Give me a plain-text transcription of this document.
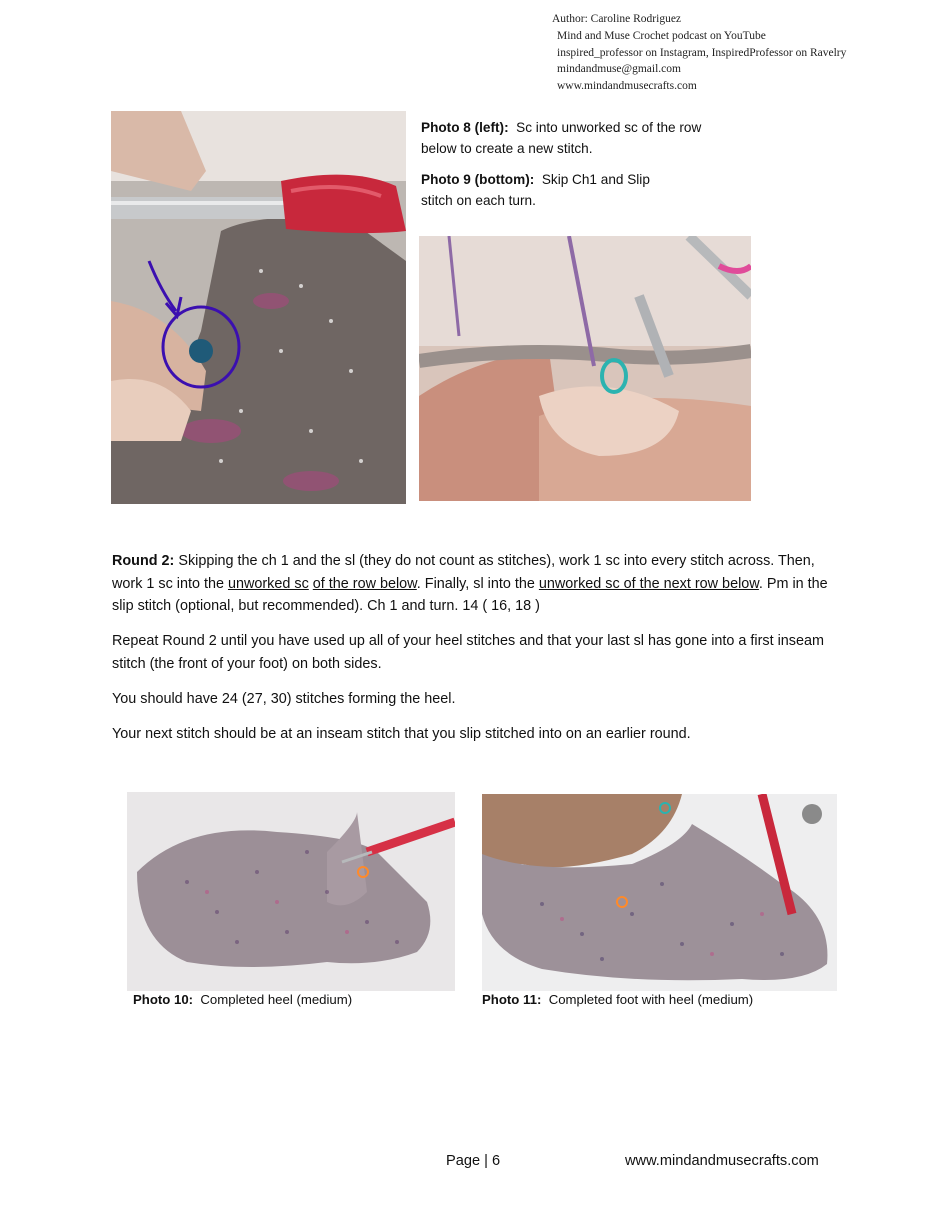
Author: Caroline Rodriguez
Mind and Muse Crochet podcast on YouTube
inspired_professor on Instagram, InspiredProfessor on Ravelry
mindandmuse@gmail.com
www.mindandmusecrafts.com

Photo 8 (left): Sc into unworked sc of the row below to create a new stitch.

Photo 9 (bottom): Skip Ch1 and Slip stitch on each turn.

Round 2: Skipping the ch 1 and the sl (they do not count as stitches), work 1 sc into every stitch across. Then, work 1 sc into the unworked sc of the row below. Finally, sl into the unworked sc of the next row below. Pm in the slip stitch (optional, but recommended). Ch 1 and turn. 14 ( 16, 18 )

Repeat Round 2 until you have used up all of your heel stitches and that your last sl has gone into a first inseam stitch (the front of your foot) on both sides.

You should have 24 (27, 30) stitches forming the heel.

Your next stitch should be at an inseam stitch that you slip stitched into on an earlier round.

Photo 10: Completed heel (medium)	Photo 11: Completed foot with heel (medium)
Page | 6	www.mindandmusecrafts.com
